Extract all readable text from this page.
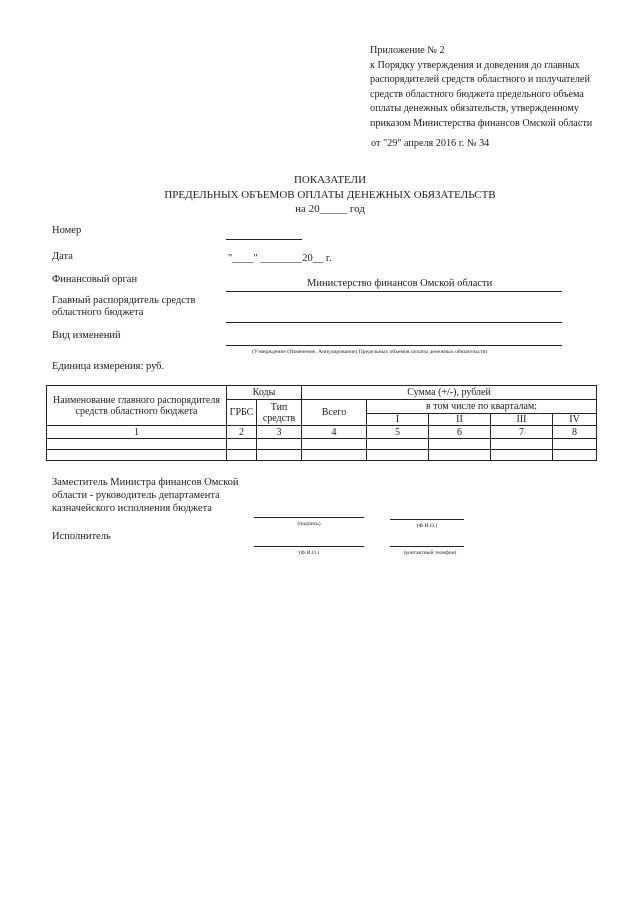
Приложение № 2
к Порядку утверждения и доведения до главных
распорядителей средств областного и получателей
средств областного бюджета предельного объема
оплаты денежных обязательств, утвержденному
приказом Министерства финансов Омской области
от "29" апреля 2016 г. № 34
ПОКАЗАТЕЛИ
ПРЕДЕЛЬНЫХ ОБЪЕМОВ ОПЛАТЫ ДЕНЕЖНЫХ ОБЯЗАТЕЛЬСТВ
на 20_____ год
Номер
Дата	"____" ________20__ г.
Финансовый орган	Министерство финансов Омской области
Главный распорядитель средств
областного бюджета
Вид изменений
(Утверждение (Изменение, Аннулирование) Предельных объемов оплаты денежных обязательств)
Единица измерения: руб.
Наименование главного распорядителя средств областного бюджета	Коды		Сумма (+/-), рублей				
	ГРБС	Тип средств	Всего	в том числе по кварталам:			
				I	II	III	IV
1	2	3	4	5	6	7	8

Заместитель Министра финансов Омской
области - руководитель департамента
казначейского исполнения бюджета
(подпись)	(Ф.И.О.)
Исполнитель
(Ф.И.О.)	(контактный телефон)
